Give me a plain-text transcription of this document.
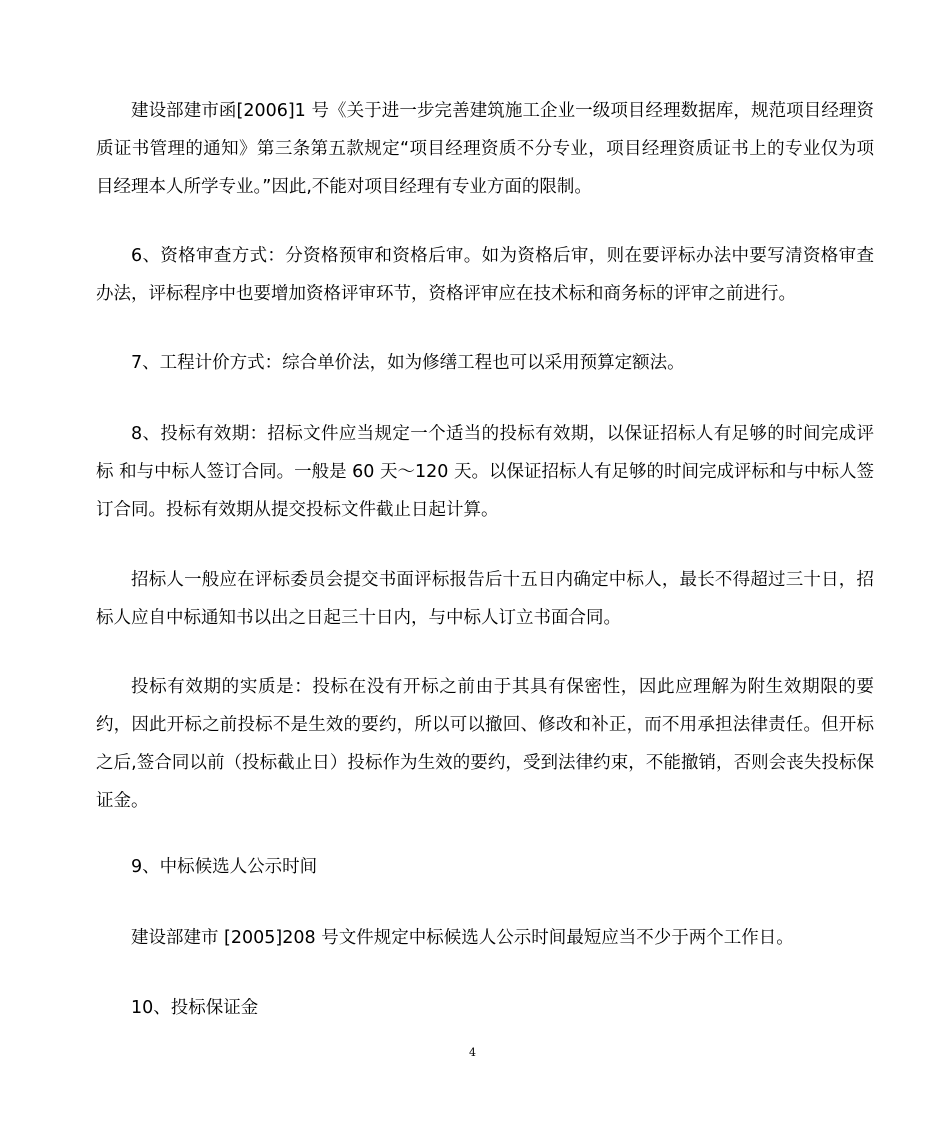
建设部建市函[2006]1 号《关于进一步完善建筑施工企业一级项目经理数据库，规范项目经理资质证书管理的通知》第三条第五款规定“项目经理资质不分专业，项目经理资质证书上的专业仅为项目经理本人所学专业。”因此,不能对项目经理有专业方面的限制。

6、资格审查方式：分资格预审和资格后审。如为资格后审，则在要评标办法中要写清资格审查办法，评标程序中也要增加资格评审环节，资格评审应在技术标和商务标的评审之前进行。

7、工程计价方式：综合单价法，如为修缮工程也可以采用预算定额法。

8、投标有效期：招标文件应当规定一个适当的投标有效期，以保证招标人有足够的时间完成评标 和与中标人签订合同。一般是 60 天～120 天。以保证招标人有足够的时间完成评标和与中标人签订合同。投标有效期从提交投标文件截止日起计算。

招标人一般应在评标委员会提交书面评标报告后十五日内确定中标人，最长不得超过三十日，招标人应自中标通知书以出之日起三十日内，与中标人订立书面合同。

投标有效期的实质是：投标在没有开标之前由于其具有保密性，因此应理解为附生效期限的要约，因此开标之前投标不是生效的要约，所以可以撤回、修改和补正，而不用承担法律责任。但开标之后,签合同以前（投标截止日）投标作为生效的要约，受到法律约束，不能撤销，否则会丧失投标保证金。

9、中标候选人公示时间

建设部建市 [2005]208 号文件规定中标候选人公示时间最短应当不少于两个工作日。

10、投标保证金

4
